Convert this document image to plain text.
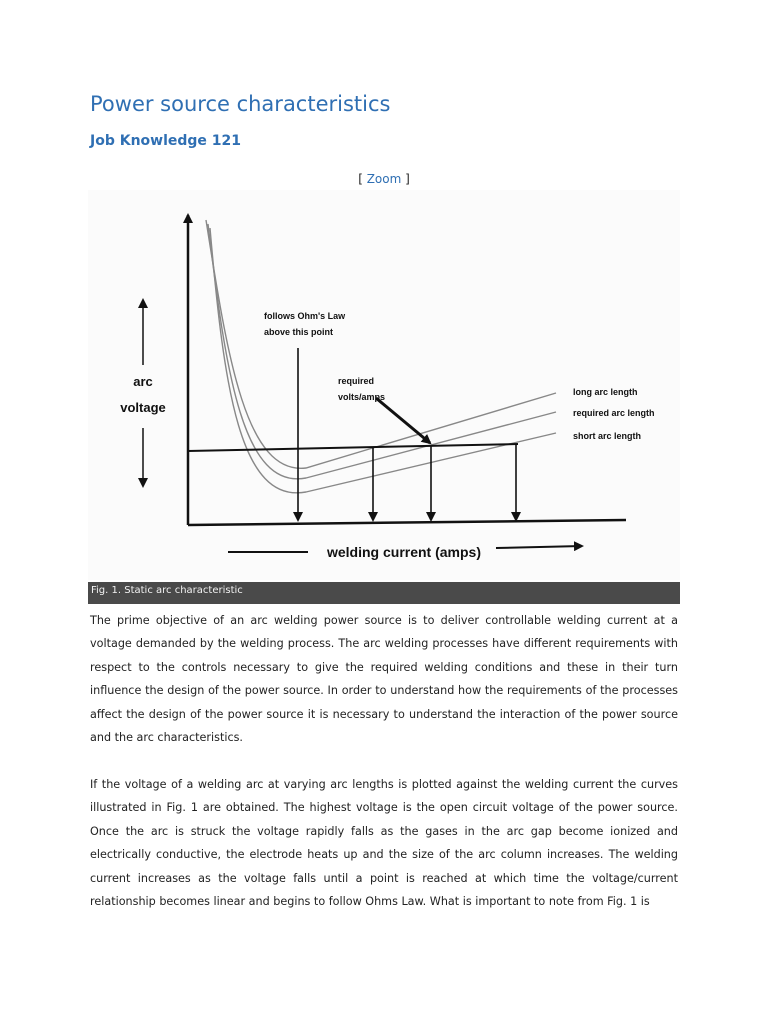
Power source characteristics
Job Knowledge 121
[ Zoom ]
arc
voltage
follows Ohm's Law
above this point
required
volts/amps	long arc length
required arc length
short arc length
welding current (amps)
Fig. 1. Static arc characteristic

The prime objective of an arc welding power source is to deliver controllable welding current at a voltage demanded by the welding process. The arc welding processes have different requirements with respect to the controls necessary to give the required welding conditions and these in their turn influence the design of the power source. In order to understand how the requirements of the processes affect the design of the power source it is necessary to understand the interaction of the power source and the arc characteristics.

If the voltage of a welding arc at varying arc lengths is plotted against the welding current the curves illustrated in Fig. 1 are obtained. The highest voltage is the open circuit voltage of the power source. Once the arc is struck the voltage rapidly falls as the gases in the arc gap become ionized and electrically conductive, the electrode heats up and the size of the arc column increases. The welding current increases as the voltage falls until a point is reached at which time the voltage/current relationship becomes linear and begins to follow Ohms Law. What is important to note from Fig. 1 is
